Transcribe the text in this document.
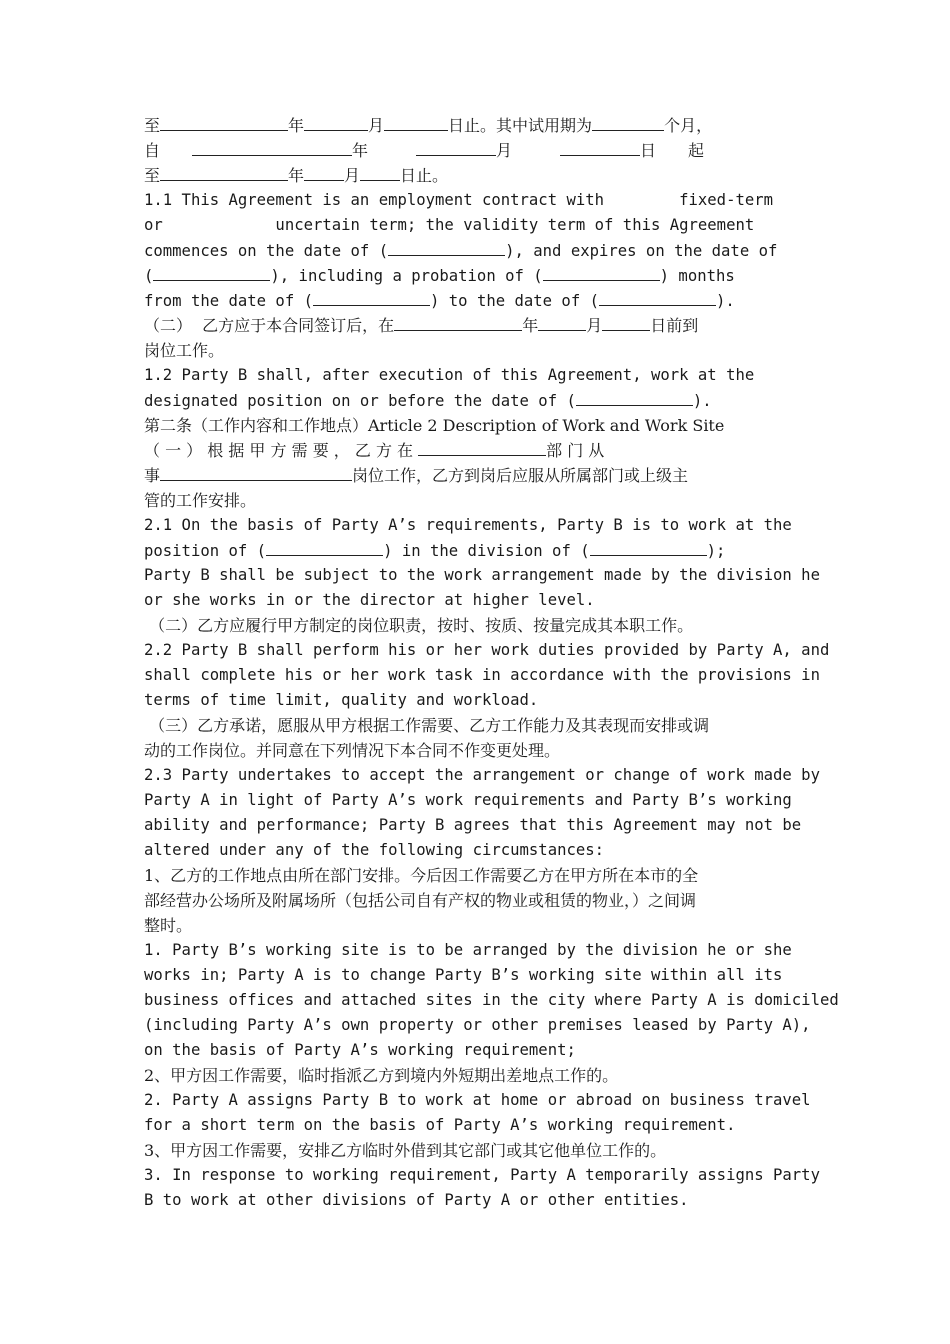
至	年	月	日止。其中试用期为	个月，
自　　	年　　　	月　　　	日　　起
至	年	月	日止。
1.1 This Agreement is an employment contract with        fixed-term
or            uncertain term; the validity term of this Agreement
commences on the date of (	), and expires on the date of
(	), including a probation of (	) months
from the date of (	) to the date of (	).
（二）  乙方应于本合同签订后，在	年	月	日前到
岗位工作。
1.2 Party B shall, after execution of this Agreement, work at the
designated position on or before the date of (	).
第二条（工作内容和工作地点）Article 2 Description of Work and Work Site
（ 一 ） 根 据 甲 方 需 要 ， 乙 方 在	部 门 从
事	岗位工作，乙方到岗后应服从所属部门或上级主
管的工作安排。
2.1 On the basis of Party A’s requirements, Party B is to work at the
position of (	) in the division of (	);
Party B shall be subject to the work arrangement made by the division he
or she works in or the director at higher level.
（二）乙方应履行甲方制定的岗位职责，按时、按质、按量完成其本职工作。
2.2 Party B shall perform his or her work duties provided by Party A, and
shall complete his or her work task in accordance with the provisions in
terms of time limit, quality and workload.
（三）乙方承诺，愿服从甲方根据工作需要、乙方工作能力及其表现而安排或调
动的工作岗位。并同意在下列情况下本合同不作变更处理。
2.3 Party undertakes to accept the arrangement or change of work made by
Party A in light of Party A’s work requirements and Party B’s working
ability and performance; Party B agrees that this Agreement may not be
altered under any of the following circumstances:
1、乙方的工作地点由所在部门安排。今后因工作需要乙方在甲方所在本市的全
部经营办公场所及附属场所（包括公司自有产权的物业或租赁的物业，）之间调
整时。
1. Party B’s working site is to be arranged by the division he or she
works in; Party A is to change Party B’s working site within all its
business offices and attached sites in the city where Party A is domiciled
(including Party A’s own property or other premises leased by Party A),
on the basis of Party A’s working requirement;
2、甲方因工作需要，临时指派乙方到境内外短期出差地点工作的。
2. Party A assigns Party B to work at home or abroad on business travel
for a short term on the basis of Party A’s working requirement.
3、甲方因工作需要，安排乙方临时外借到其它部门或其它他单位工作的。
3. In response to working requirement, Party A temporarily assigns Party
B to work at other divisions of Party A or other entities.
